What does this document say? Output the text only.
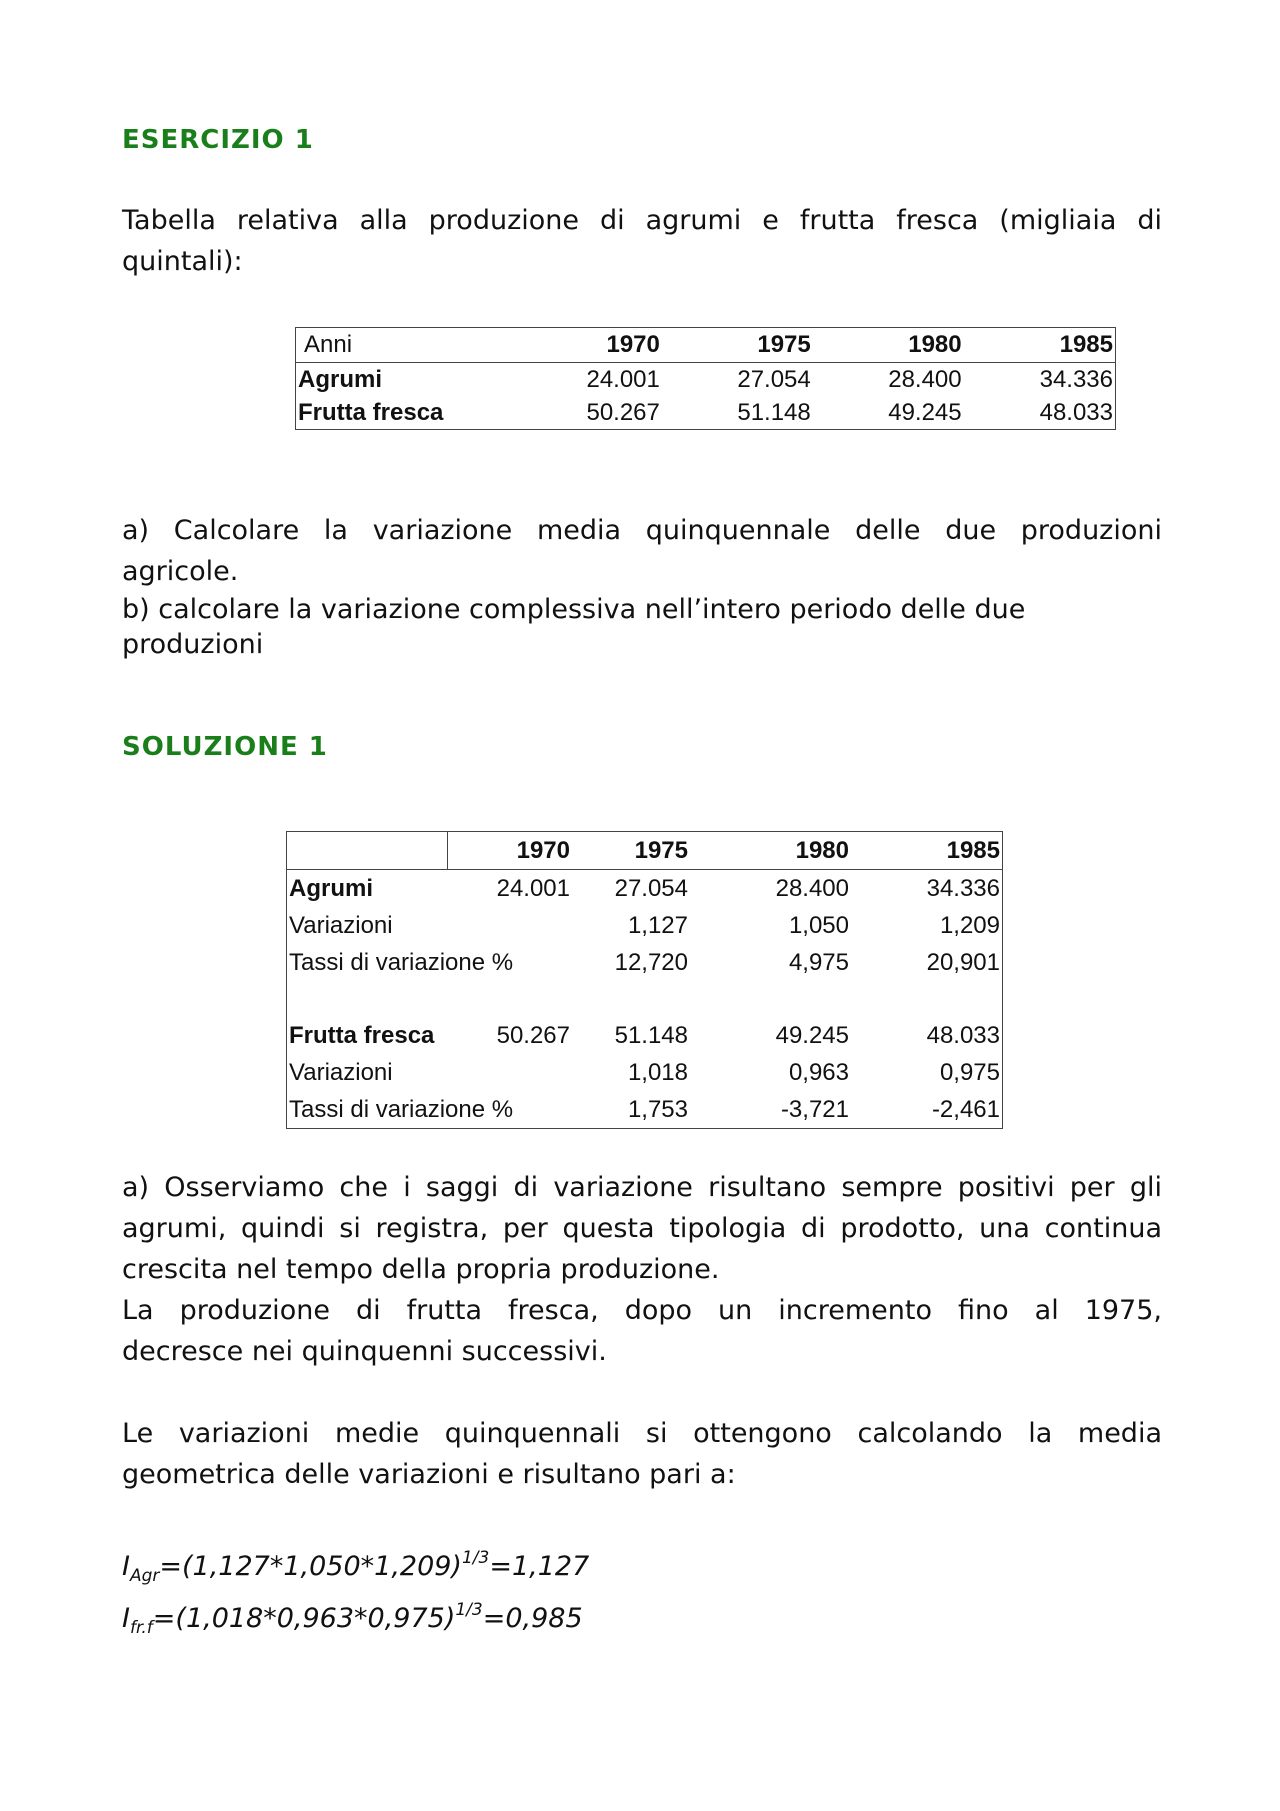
ESERCIZIO 1

Tabella relativa alla produzione di agrumi e frutta fresca (migliaia di

quintali):

Anni	1970	1975	1980	1985
Agrumi	24.001	27.054	28.400	34.336
Frutta fresca	50.267	51.148	49.245	48.033

a) Calcolare la variazione media quinquennale delle due produzioni

agricole.

b) calcolare la variazione complessiva nell’intero periodo delle due

produzioni

SOLUZIONE 1
	1970	1975	1980	1985
Agrumi	24.001	27.054	28.400	34.336
Variazioni		1,127	1,050	1,209
Tassi di variazione %		12,720	4,975	20,901

Frutta fresca	50.267	51.148	49.245	48.033
Variazioni		1,018	0,963	0,975
Tassi di variazione %		1,753	-3,721	-2,461

a) Osserviamo che i saggi di variazione risultano sempre positivi per gli

agrumi, quindi si registra, per questa tipologia di prodotto, una continua

crescita nel tempo della propria produzione.

La produzione di frutta fresca, dopo un incremento fino al 1975,

decresce nei quinquenni successivi.

Le variazioni medie quinquennali si ottengono calcolando la media

geometrica delle variazioni e risultano pari a:

$I_{Agr}=(1,127*1,050*1,209)^{1/3}=1,127$

$I_{fr.f}=(1,018*0,963*0,975)^{1/3}=0,985$
